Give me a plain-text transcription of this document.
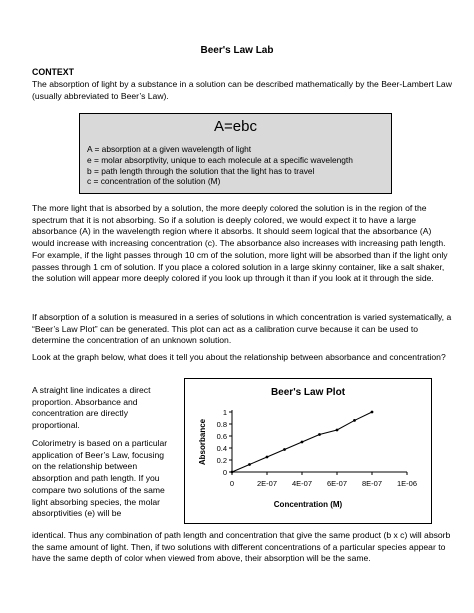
Beer's Law Lab
CONTEXT
The absorption of light by a substance in a solution can be described mathematically by the Beer-Lambert Law (usually abbreviated to Beer’s Law).
A=ebc
A = absorption at a given wavelength of light
e = molar absorptivity, unique to each molecule at a specific wavelength
b = path length through the solution that the light has to travel
c = concentration of the solution (M)
The more light that is absorbed by a solution, the more deeply colored the solution is in the region of the spectrum that it is not absorbing. So if a solution is deeply colored, we would expect it to have a large absorbance (A) in the wavelength region where it absorbs. It should seem logical that the absorbance (A) would increase with increasing concentration (c). The absorbance also increases with increasing path length. For example, if the light passes through 10 cm of the solution, more light will be absorbed than if the light only passes through 1 cm of solution. If you place a colored solution in a large skinny container, like a salt shaker, the solution will appear more deeply colored if you look up through it than if you look at it through the side.
If absorption of a solution is measured in a series of solutions in which concentration is varied systematically, a “Beer’s Law Plot” can be generated. This plot can act as a calibration curve because it can be used to determine the concentration of an unknown solution.
Look at the graph below, what does it tell you about the relationship between absorbance and concentration?
A straight line indicates a direct proportion. Absorbance and concentration are directly proportional.
Colorimetry is based on a particular application of Beer’s Law, focusing on the relationship between absorption and path length. If you compare two solutions of the same light absorbing species, the molar absorptivities (e) will be
identical. Thus any combination of path length and concentration that give the same product (b x c) will absorb the same amount of light. Then, if two solutions with different concentrations of a particular species appear to have the same depth of color when viewed from above, their absorption will be the same.
Beer's Law Plot
0
0.2
0.4
0.6
0.8
1
0	2E-07 4E-07 6E-07 8E-07 1E-06
Concentration (M)
Absorbance
